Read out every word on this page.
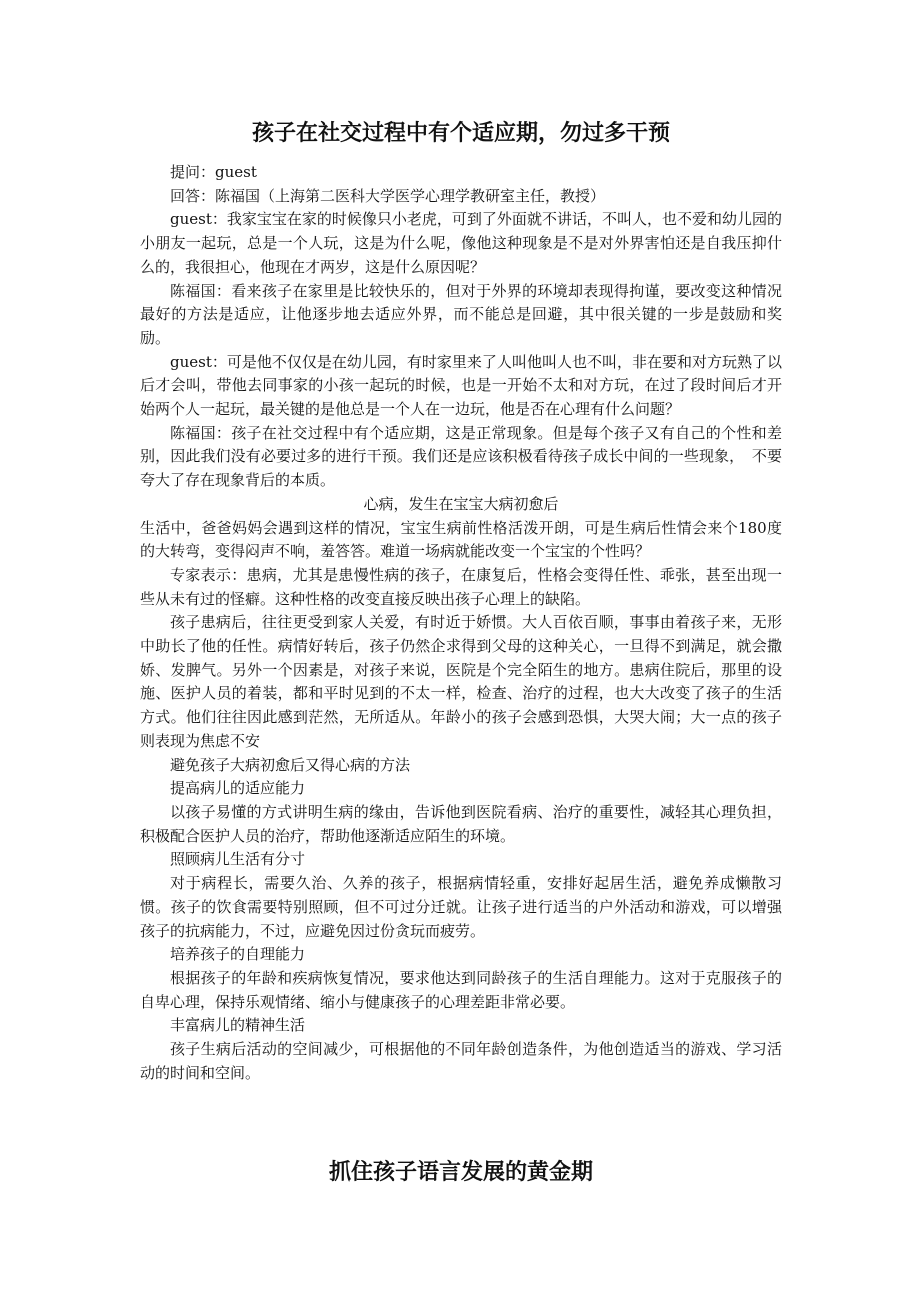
孩子在社交过程中有个适应期，勿过多干预

提问：guest

回答：陈福国（上海第二医科大学医学心理学教研室主任，教授）

guest：我家宝宝在家的时候像只小老虎，可到了外面就不讲话，不叫人，也不爱和幼儿园的小朋友一起玩，总是一个人玩，这是为什么呢，像他这种现象是不是对外界害怕还是自我压抑什么的，我很担心，他现在才两岁，这是什么原因呢？

陈福国：看来孩子在家里是比较快乐的，但对于外界的环境却表现得拘谨，要改变这种情况最好的方法是适应，让他逐步地去适应外界，而不能总是回避，其中很关键的一步是鼓励和奖励。

guest：可是他不仅仅是在幼儿园，有时家里来了人叫他叫人也不叫，非在要和对方玩熟了以后才会叫，带他去同事家的小孩一起玩的时候，也是一开始不太和对方玩，在过了段时间后才开始两个人一起玩，最关键的是他总是一个人在一边玩，他是否在心理有什么问题？

陈福国：孩子在社交过程中有个适应期，这是正常现象。但是每个孩子又有自己的个性和差别，因此我们没有必要过多的进行干预。我们还是应该积极看待孩子成长中间的一些现象，　不要夸大了存在现象背后的本质。

心病，发生在宝宝大病初愈后

生活中，爸爸妈妈会遇到这样的情况，宝宝生病前性格活泼开朗，可是生病后性情会来个180度的大转弯，变得闷声不响，羞答答。难道一场病就能改变一个宝宝的个性吗？

专家表示：患病，尤其是患慢性病的孩子，在康复后，性格会变得任性、乖张，甚至出现一些从未有过的怪癖。这种性格的改变直接反映出孩子心理上的缺陷。

孩子患病后，往往更受到家人关爱，有时近于娇惯。大人百依百顺，事事由着孩子来，无形中助长了他的任性。病情好转后，孩子仍然企求得到父母的这种关心，一旦得不到满足，就会撒娇、发脾气。另外一个因素是，对孩子来说，医院是个完全陌生的地方。患病住院后，那里的设施、医护人员的着装，都和平时见到的不太一样，检查、治疗的过程，也大大改变了孩子的生活方式。他们往往因此感到茫然，无所适从。年龄小的孩子会感到恐惧，大哭大闹；大一点的孩子则表现为焦虑不安

避免孩子大病初愈后又得心病的方法

提高病儿的适应能力

以孩子易懂的方式讲明生病的缘由，告诉他到医院看病、治疗的重要性，减轻其心理负担，积极配合医护人员的治疗，帮助他逐渐适应陌生的环境。

照顾病儿生活有分寸

对于病程长，需要久治、久养的孩子，根据病情轻重，安排好起居生活，避免养成懒散习惯。孩子的饮食需要特别照顾，但不可过分迁就。让孩子进行适当的户外活动和游戏，可以增强孩子的抗病能力，不过，应避免因过份贪玩而疲劳。

培养孩子的自理能力

根据孩子的年龄和疾病恢复情况，要求他达到同龄孩子的生活自理能力。这对于克服孩子的自卑心理，保持乐观情绪、缩小与健康孩子的心理差距非常必要。

丰富病儿的精神生活

孩子生病后活动的空间减少，可根据他的不同年龄创造条件，为他创造适当的游戏、学习活动的时间和空间。

抓住孩子语言发展的黄金期
